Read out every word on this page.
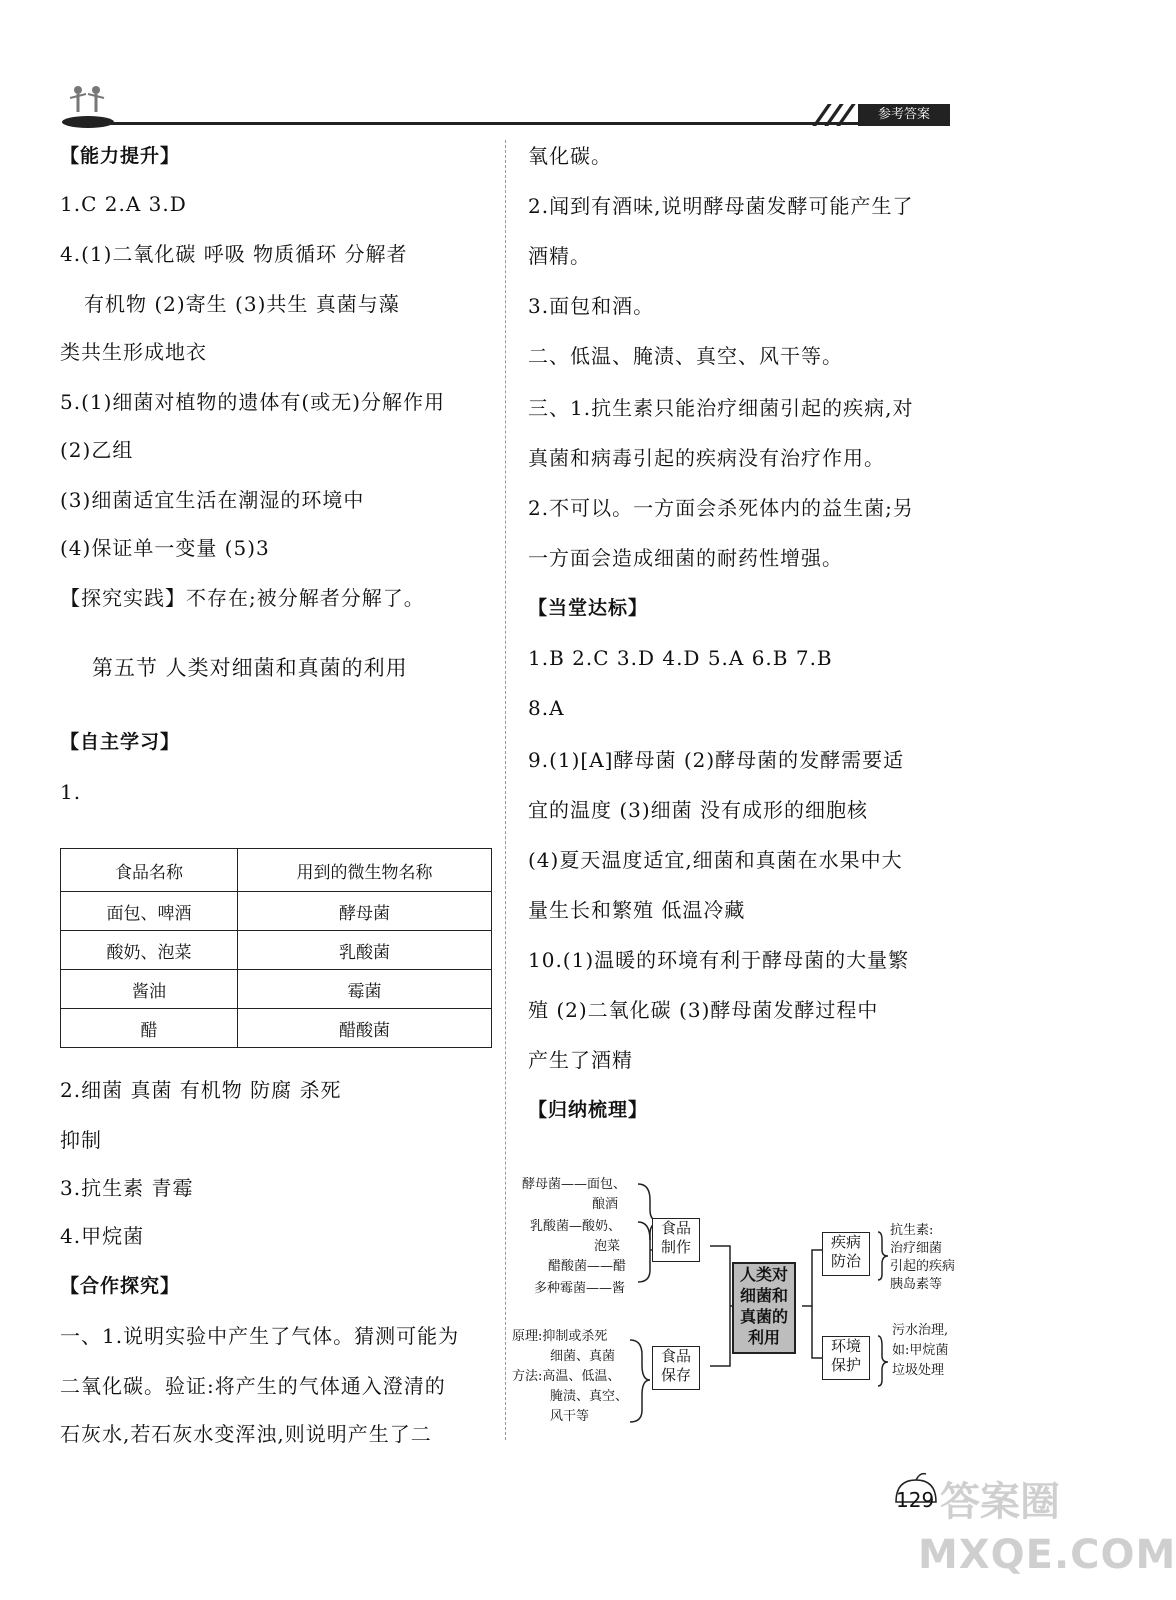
参考答案
【能力提升】
1.C 2.A 3.D
4.(1)二氧化碳 呼吸 物质循环 分解者
有机物 (2)寄生 (3)共生 真菌与藻
类共生形成地衣
5.(1)细菌对植物的遗体有(或无)分解作用
(2)乙组
(3)细菌适宜生活在潮湿的环境中
(4)保证单一变量 (5)3
【探究实践】不存在;被分解者分解了。
第五节 人类对细菌和真菌的利用
【自主学习】
1.
食品名称	用到的微生物名称
面包、啤酒	酵母菌
酸奶、泡菜	乳酸菌
酱油	霉菌
醋	醋酸菌
2.细菌 真菌 有机物 防腐 杀死
抑制
3.抗生素 青霉
4.甲烷菌
【合作探究】
一、1.说明实验中产生了气体。猜测可能为
二氧化碳。验证:将产生的气体通入澄清的
石灰水,若石灰水变浑浊,则说明产生了二
氧化碳。
2.闻到有酒味,说明酵母菌发酵可能产生了
酒精。
3.面包和酒。
二、低温、腌渍、真空、风干等。
三、1.抗生素只能治疗细菌引起的疾病,对
真菌和病毒引起的疾病没有治疗作用。
2.不可以。一方面会杀死体内的益生菌;另
一方面会造成细菌的耐药性增强。
【当堂达标】
1.B 2.C 3.D 4.D 5.A 6.B 7.B
8.A
9.(1)[A]酵母菌 (2)酵母菌的发酵需要适
宜的温度 (3)细菌 没有成形的细胞核
(4)夏天温度适宜,细菌和真菌在水果中大
量生长和繁殖 低温冷藏
10.(1)温暖的环境有利于酵母菌的大量繁
殖 (2)二氧化碳 (3)酵母菌发酵过程中
产生了酒精
【归纳梳理】
酵母菌——面包、
酿酒
乳酸菌—酸奶、
泡菜
醋酸菌——醋
多种霉菌——酱
原理:抑制或杀死
细菌、真菌
方法:高温、低温、
腌渍、真空、
风干等
食品
制作
食品
保存
人类对
细菌和
真菌的
利用
疾病
防治
环境
保护
抗生素:
治疗细菌
引起的疾病
胰岛素等
污水治理,
如:甲烷菌
垃圾处理
129 答案圈
MXQE.COM
